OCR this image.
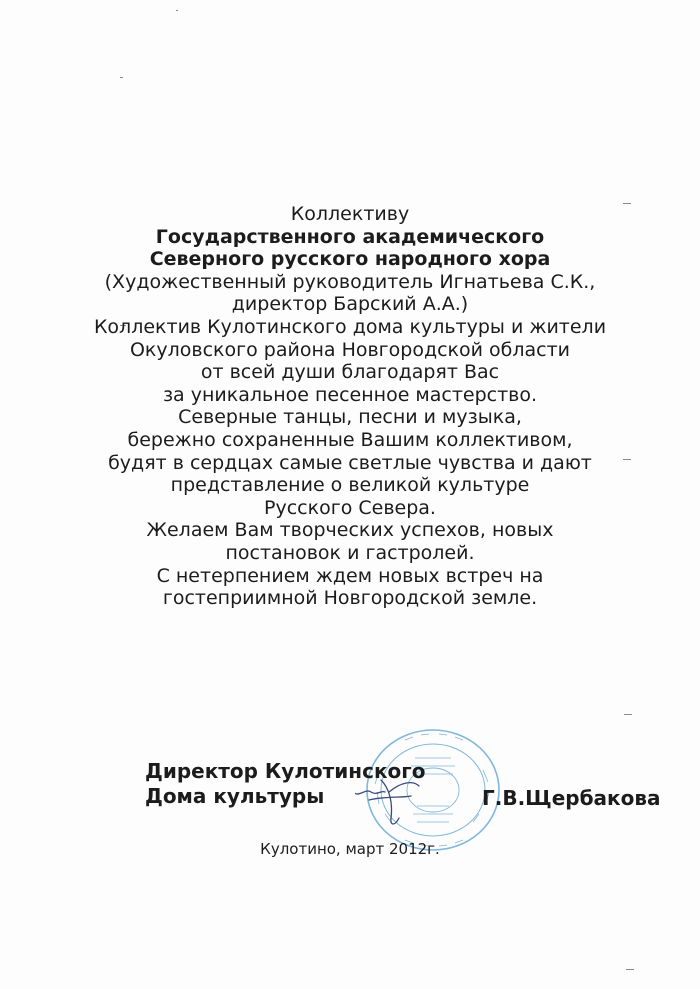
Коллективу
Государственного академического
Северного русского народного хора
(Художественный руководитель Игнатьева С.К.,
директор Барский А.А.)
Коллектив Кулотинского дома культуры и жители
Окуловского района Новгородской области
от всей души благодарят Вас
за уникальное песенное мастерство.
Северные танцы, песни и музыка,
бережно сохраненные Вашим коллективом,
будят в сердцах самые светлые чувства и дают
представление о великой культуре
Русского Севера.
Желаем Вам творческих успехов, новых
постановок и гастролей.
С нетерпением ждем новых встреч на
гостеприимной Новгородской земле.
Директор Кулотинского
Дома культуры	Г.В.Щербакова
Кулотино, март 2012г.
